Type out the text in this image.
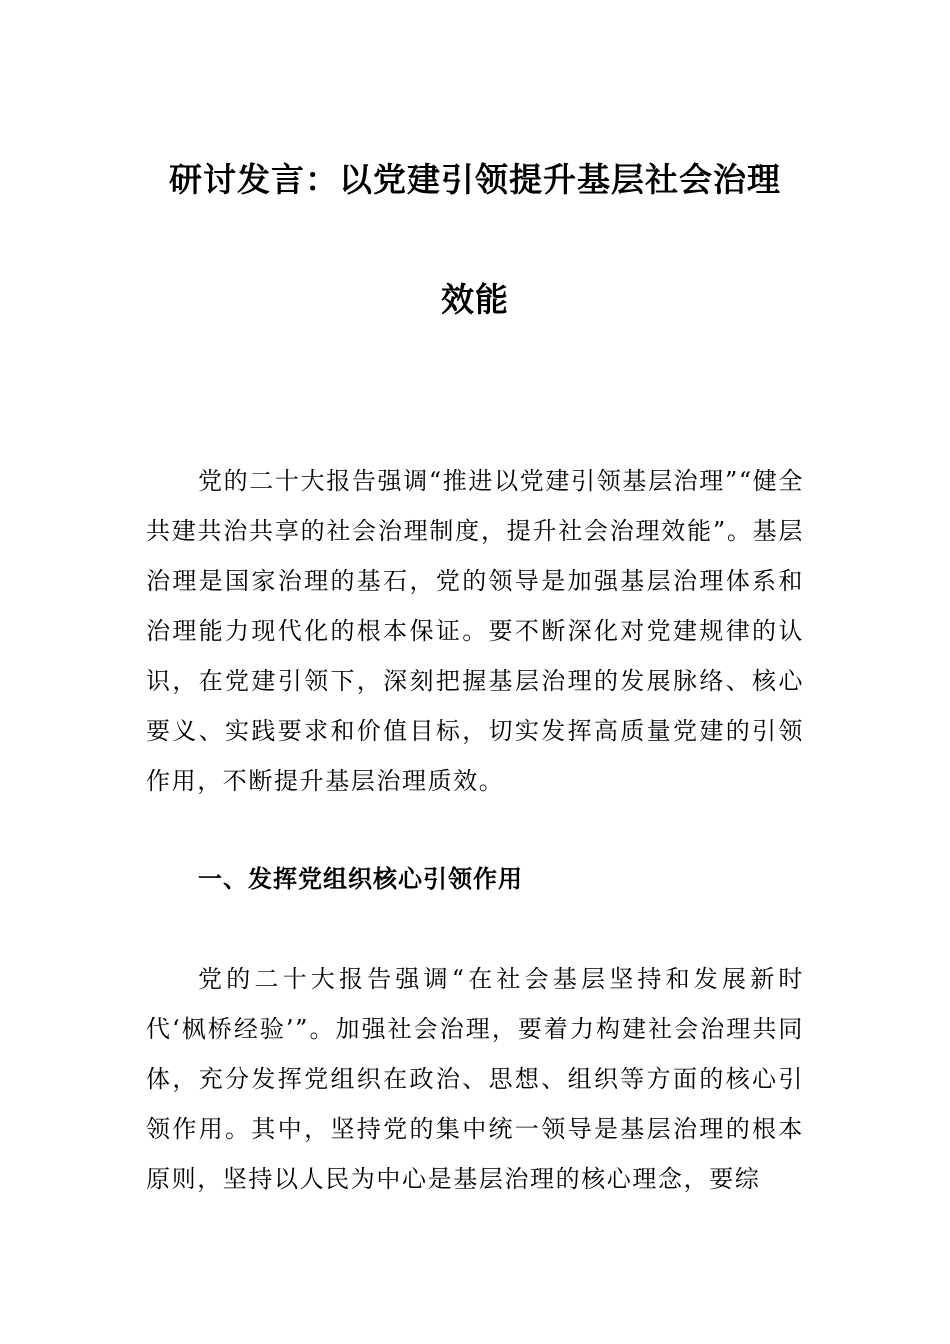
研讨发言：以党建引领提升基层社会治理
效能

党的二十大报告强调“推进以党建引领基层治理”“健全共建共治共享的社会治理制度，提升社会治理效能”。基层治理是国家治理的基石，党的领导是加强基层治理体系和治理能力现代化的根本保证。要不断深化对党建规律的认识，在党建引领下，深刻把握基层治理的发展脉络、核心要义、实践要求和价值目标，切实发挥高质量党建的引领作用，不断提升基层治理质效。

一、发挥党组织核心引领作用

党的二十大报告强调“在社会基层坚持和发展新时代‘枫桥经验’”。加强社会治理，要着力构建社会治理共同体，充分发挥党组织在政治、思想、组织等方面的核心引领作用。其中，坚持党的集中统一领导是基层治理的根本原则，坚持以人民为中心是基层治理的核心理念，要综
